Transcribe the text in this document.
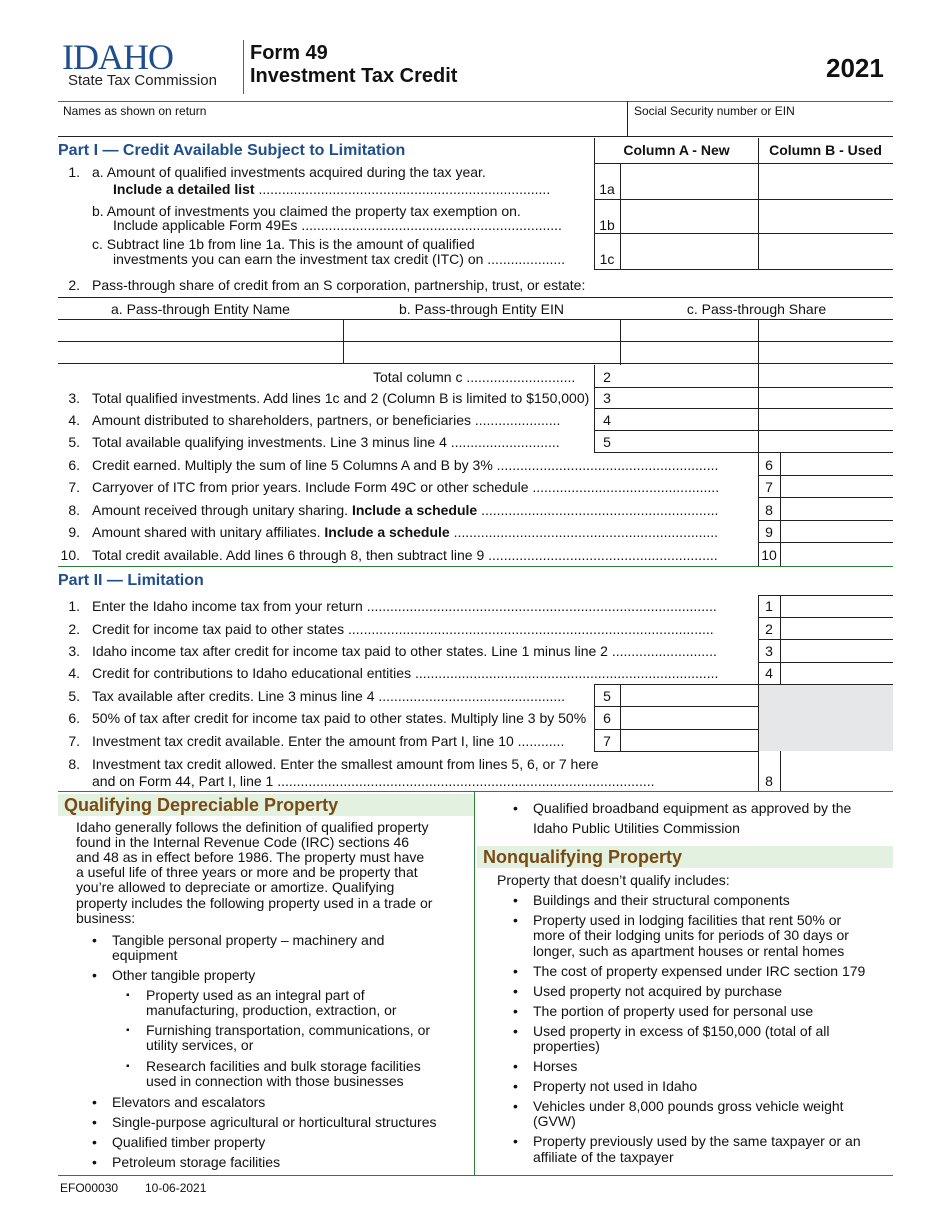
IDAHO
State Tax Commission
Form 49
Investment Tax Credit	2021
Names as shown on return	Social Security number or EIN
Part I — Credit Available Subject to Limitation	Column A - New	Column B - Used
1. a. Amount of qualified investments acquired during the tax year.
Include a detailed list ...........................................................................	1a
b. Amount of investments you claimed the property tax exemption on.
Include applicable Form 49Es ...................................................................	1b
c. Subtract line 1b from line 1a. This is the amount of qualified
investments you can earn the investment tax credit (ITC) on ....................	1c
2. Pass-through share of credit from an S corporation, partnership, trust, or estate:
a. Pass-through Entity Name	b. Pass-through Entity EIN	c. Pass-through Share
Total column c ............................	2
3. Total qualified investments. Add lines 1c and 2 (Column B is limited to $150,000) 3
4. Amount distributed to shareholders, partners, or beneficiaries ......................	4
5. Total available qualifying investments. Line 3 minus line 4 ............................	5
6. Credit earned. Multiply the sum of line 5 Columns A and B by 3% .........................................................	6
7. Carryover of ITC from prior years. Include Form 49C or other schedule ................................................	7
8. Amount received through unitary sharing. Include a schedule .............................................................	8
9. Amount shared with unitary affiliates. Include a schedule ....................................................................	9
10. Total credit available. Add lines 6 through 8, then subtract line 9 ...........................................................	10
Part II — Limitation
1. Enter the Idaho income tax from your return ..........................................................................................	1
2. Credit for income tax paid to other states ..............................................................................................	2
3. Idaho income tax after credit for income tax paid to other states. Line 1 minus line 2 ...........................	3
4. Credit for contributions to Idaho educational entities ..............................................................................	4
5. Tax available after credits. Line 3 minus line 4 ................................................	5
6. 50% of tax after credit for income tax paid to other states. Multiply line 3 by 50%	6
7. Investment tax credit available. Enter the amount from Part I, line 10 ............	7
8. Investment tax credit allowed. Enter the smallest amount from lines 5, 6, or 7 here
and on Form 44, Part I, line 1 .................................................................................................	8
Qualifying Depreciable Property
Idaho generally follows the definition of qualified property
found in the Internal Revenue Code (IRC) sections 46
and 48 as in effect before 1986. The property must have
a useful life of three years or more and be property that
you’re allowed to depreciate or amortize. Qualifying
property includes the following property used in a trade or
business:
• Tangible personal property – machinery and
equipment
• Other tangible property
▪ Property used as an integral part of
manufacturing, production, extraction, or
▪ Furnishing transportation, communications, or
utility services, or
▪ Research facilities and bulk storage facilities
used in connection with those businesses
• Elevators and escalators
• Single-purpose agricultural or horticultural structures
• Qualified timber property
• Petroleum storage facilities
• Qualified broadband equipment as approved by the
Idaho Public Utilities Commission
Nonqualifying Property
Property that doesn’t qualify includes:
• Buildings and their structural components
• Property used in lodging facilities that rent 50% or
more of their lodging units for periods of 30 days or
longer, such as apartment houses or rental homes
• The cost of property expensed under IRC section 179
• Used property not acquired by purchase
• The portion of property used for personal use
• Used property in excess of $150,000 (total of all
properties)
• Horses
• Property not used in Idaho
• Vehicles under 8,000 pounds gross vehicle weight
(GVW)
• Property previously used by the same taxpayer or an
affiliate of the taxpayer
EFO00030 10-06-2021
